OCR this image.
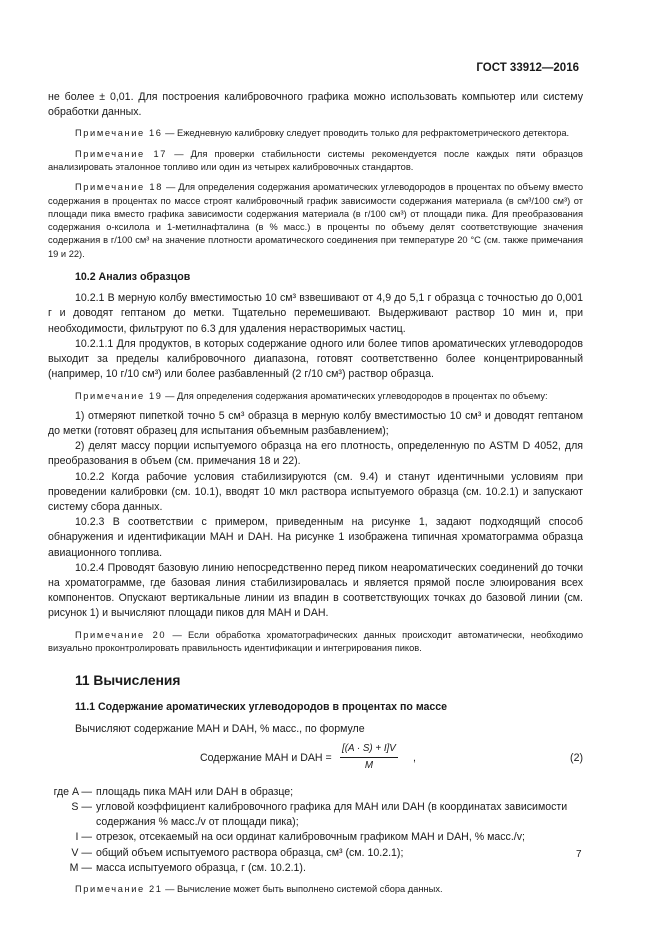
ГОСТ 33912—2016

не более ± 0,01. Для построения калибровочного графика можно использовать компьютер или систему обработки данных.

Примечание 16 — Ежедневную калибровку следует проводить только для рефрактометрического детектора.

Примечание 17 — Для проверки стабильности системы рекомендуется после каждых пяти образцов анализировать эталонное топливо или один из четырех калибровочных стандартов.

Примечание 18 — Для определения содержания ароматических углеводородов в процентах по объему вместо содержания в процентах по массе строят калибровочный график зависимости содержания материала (в см³/100 см³) от площади пика вместо графика зависимости содержания материала (в г/100 см³) от площади пика. Для преобразования содержания о-ксилола и 1-метилнафталина (в % масс.) в проценты по объему делят соответствующие значения содержания в г/100 см³ на значение плотности ароматического соединения при температуре 20 °С (см. также примечания 19 и 22).

10.2 Анализ образцов

10.2.1 В мерную колбу вместимостью 10 см³ взвешивают от 4,9 до 5,1 г образца с точностью до 0,001 г и доводят гептаном до метки. Тщательно перемешивают. Выдерживают раствор 10 мин и, при необходимости, фильтруют по 6.3 для удаления нерастворимых частиц.

10.2.1.1 Для продуктов, в которых содержание одного или более типов ароматических углеводородов выходит за пределы калибровочного диапазона, готовят соответственно более концентрированный (например, 10 г/10 см³) или более разбавленный (2 г/10 см³) раствор образца.

Примечание 19 — Для определения содержания ароматических углеводородов в процентах по объему:

1) отмеряют пипеткой точно 5 см³ образца в мерную колбу вместимостью 10 см³ и доводят гептаном до метки (готовят образец для испытания объемным разбавлением);

2) делят массу порции испытуемого образца на его плотность, определенную по ASTM D 4052, для преобразования в объем (см. примечания 18 и 22).

10.2.2 Когда рабочие условия стабилизируются (см. 9.4) и станут идентичными условиям при проведении калибровки (см. 10.1), вводят 10 мкл раствора испытуемого образца (см. 10.2.1) и запускают систему сбора данных.

10.2.3 В соответствии с примером, приведенным на рисунке 1, задают подходящий способ обнаружения и идентификации МАН и DAH. На рисунке 1 изображена типичная хроматограмма образца авиационного топлива.

10.2.4 Проводят базовую линию непосредственно перед пиком неароматических соединений до точки на хроматограмме, где базовая линия стабилизировалась и является прямой после элюирования всех компонентов. Опускают вертикальные линии из впадин в соответствующих точках до базовой линии (см. рисунок 1) и вычисляют площади пиков для МАН и DAH.

Примечание 20 — Если обработка хроматографических данных происходит автоматически, необходимо визуально проконтролировать правильность идентификации и интегрирования пиков.

11 Вычисления
11.1 Содержание ароматических углеводородов в процентах по массе

Вычисляют содержание МАН и DAH, % масс., по формуле

Содержание МАН и DAH = $\frac{[(A \cdot S) + I]V}{M}$ ,	(2)
где A — площадь пика МАН или DAH в образце;
S — угловой коэффициент калибровочного графика для МАН или DAH (в координатах зависимости содержания % масс./v от площади пика);
I — отрезок, отсекаемый на оси ординат калибровочным графиком МАН и DAH, % масс./v;
V — общий объем испытуемого раствора образца, см³ (см. 10.2.1);
M — масса испытуемого образца, г (см. 10.2.1).

Примечание 21 — Вычисление может быть выполнено системой сбора данных.

7
